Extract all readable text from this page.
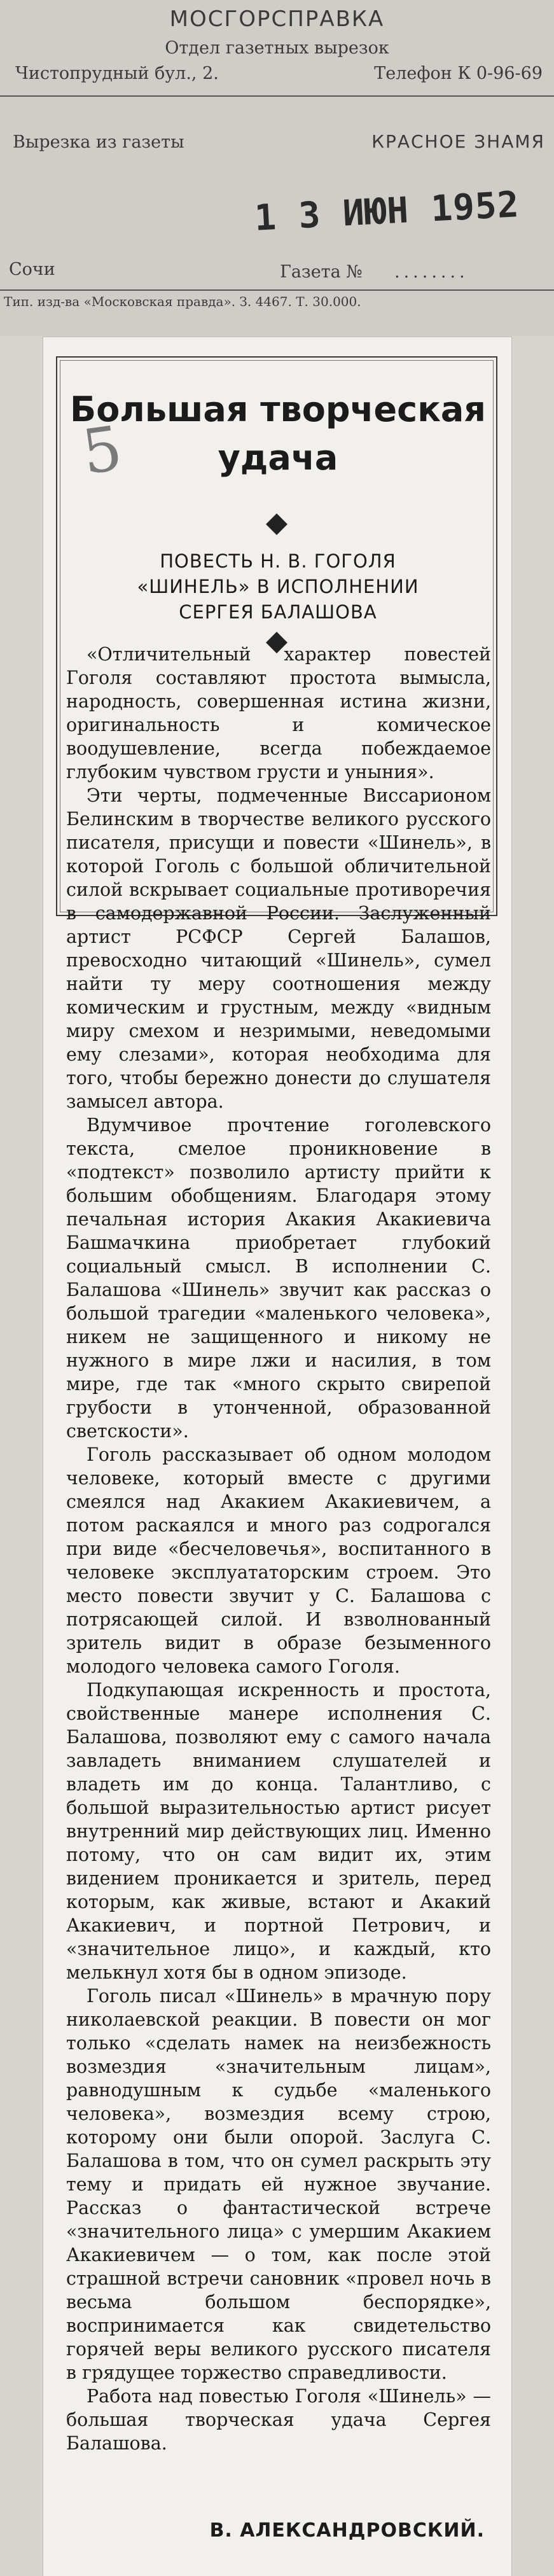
МОСГОРСПРАВКА
Отдел газетных вырезок
Чистопрудный бул., 2.	Телефон К 0-96-69
Вырезка из газеты	КРАСНОЕ ЗНАМЯ
1 3 ИЮН 1952
Сочи	Газета № ........
Тип. изд-ва «Московская правда». З. 4467. Т. 30.000.
5
Большая творческая
удача
ПОВЕСТЬ Н. В. ГОГОЛЯ
«ШИНЕЛЬ» В ИСПОЛНЕНИИ
СЕРГЕЯ БАЛАШОВА

«Отличительный характер повестей Гоголя составляют простота вымысла, народность, совершенная истина жизни, оригинальность и комическое воодушевление, всегда побеждаемое глубоким чувством грусти и уныния».

Эти черты, подмеченные Виссарионом Белинским в творчестве великого русского писателя, присущи и повести «Шинель», в которой Гоголь с большой обличительной силой вскрывает социальные противоречия в самодержавной России. Заслуженный артист РСФСР Сергей Балашов, превосходно читающий «Шинель», сумел найти ту меру соотношения между комическим и грустным, между «видным миру смехом и незримыми, неведомыми ему слезами», которая необходима для того, чтобы бережно донести до слушателя замысел автора.

Вдумчивое прочтение гоголевского текста, смелое проникновение в «подтекст» позволило артисту прийти к большим обобщениям. Благодаря этому печальная история Акакия Акакиевича Башмачкина приобретает глубокий социальный смысл. В исполнении С. Балашова «Шинель» звучит как рассказ о большой трагедии «маленького человека», никем не защищенного и никому не нужного в мире лжи и насилия, в том мире, где так «много скрыто свирепой грубости в утонченной, образованной светскости».

Гоголь рассказывает об одном молодом человеке, который вместе с другими смеялся над Акакием Акакиевичем, а потом раскаялся и много раз содрогался при виде «бесчеловечья», воспитанного в человеке эксплуататорским строем. Это место повести звучит у С. Балашова с потрясающей силой. И взволнованный зритель видит в образе безыменного молодого человека самого Гоголя.

Подкупающая искренность и простота, свойственные манере исполнения С. Балашова, позволяют ему с самого начала завладеть вниманием слушателей и владеть им до конца. Талантливо, с большой выразительностью артист рисует внутренний мир действующих лиц. Именно потому, что он сам видит их, этим видением проникается и зритель, перед которым, как живые, встают и Акакий Акакиевич, и портной Петрович, и «значительное лицо», и каждый, кто мелькнул хотя бы в одном эпизоде.

Гоголь писал «Шинель» в мрачную пору николаевской реакции. В повести он мог только «сделать намек на неизбежность возмездия «значительным лицам», равнодушным к судьбе «маленького человека», возмездия всему строю, которому они были опорой. Заслуга С. Балашова в том, что он сумел раскрыть эту тему и придать ей нужное звучание. Рассказ о фантастической встрече «значительного лица» с умершим Акакием Акакиевичем — о том, как после этой страшной встречи сановник «провел ночь в весьма большом беспорядке», воспринимается как свидетельство горячей веры великого русского писателя в грядущее торжество справедливости.

Работа над повестью Гоголя «Шинель» — большая творческая удача Сергея Балашова.

В. АЛЕКСАНДРОВСКИЙ.
